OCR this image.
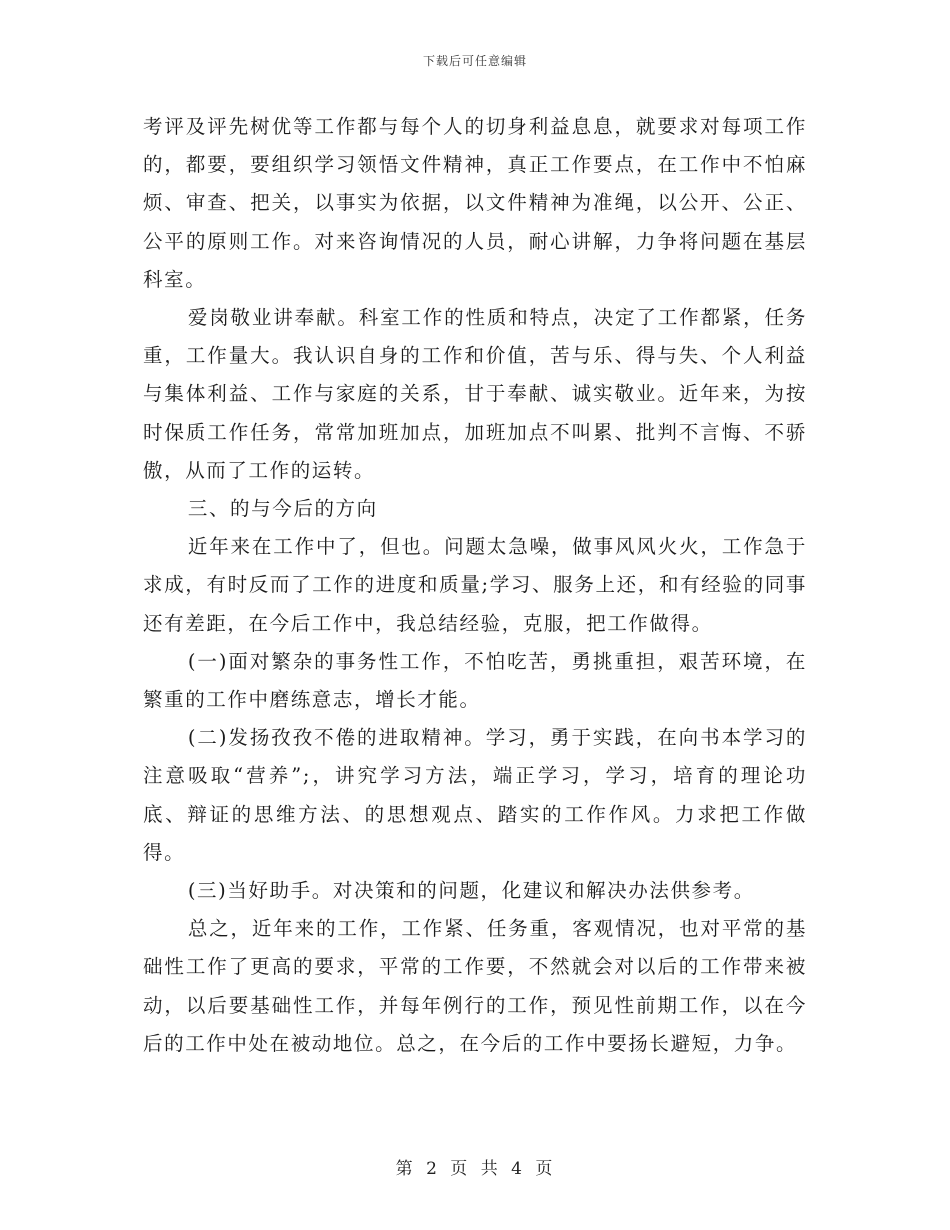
下载后可任意编辑

考评及评先树优等工作都与每个人的切身利益息息，就要求对每项工作的，都要，要组织学习领悟文件精神，真正工作要点，在工作中不怕麻烦、审查、把关，以事实为依据，以文件精神为准绳，以公开、公正、公平的原则工作。对来咨询情况的人员，耐心讲解，力争将问题在基层科室。

爱岗敬业讲奉献。科室工作的性质和特点，决定了工作都紧，任务重，工作量大。我认识自身的工作和价值，苦与乐、得与失、个人利益与集体利益、工作与家庭的关系，甘于奉献、诚实敬业。近年来，为按时保质工作任务，常常加班加点，加班加点不叫累、批判不言悔、不骄傲，从而了工作的运转。

三、的与今后的方向

近年来在工作中了，但也。问题太急噪，做事风风火火，工作急于求成，有时反而了工作的进度和质量;学习、服务上还，和有经验的同事还有差距，在今后工作中，我总结经验，克服，把工作做得。

(一)面对繁杂的事务性工作，不怕吃苦，勇挑重担，艰苦环境，在繁重的工作中磨练意志，增长才能。

(二)发扬孜孜不倦的进取精神。学习，勇于实践，在向书本学习的注意吸取“营养”;，讲究学习方法，端正学习，学习，培育的理论功底、辩证的思维方法、的思想观点、踏实的工作作风。力求把工作做得。

(三)当好助手。对决策和的问题，化建议和解决办法供参考。

总之，近年来的工作，工作紧、任务重，客观情况，也对平常的基础性工作了更高的要求，平常的工作要，不然就会对以后的工作带来被动，以后要基础性工作，并每年例行的工作，预见性前期工作，以在今后的工作中处在被动地位。总之，在今后的工作中要扬长避短，力争。

第 2 页 共 4 页
